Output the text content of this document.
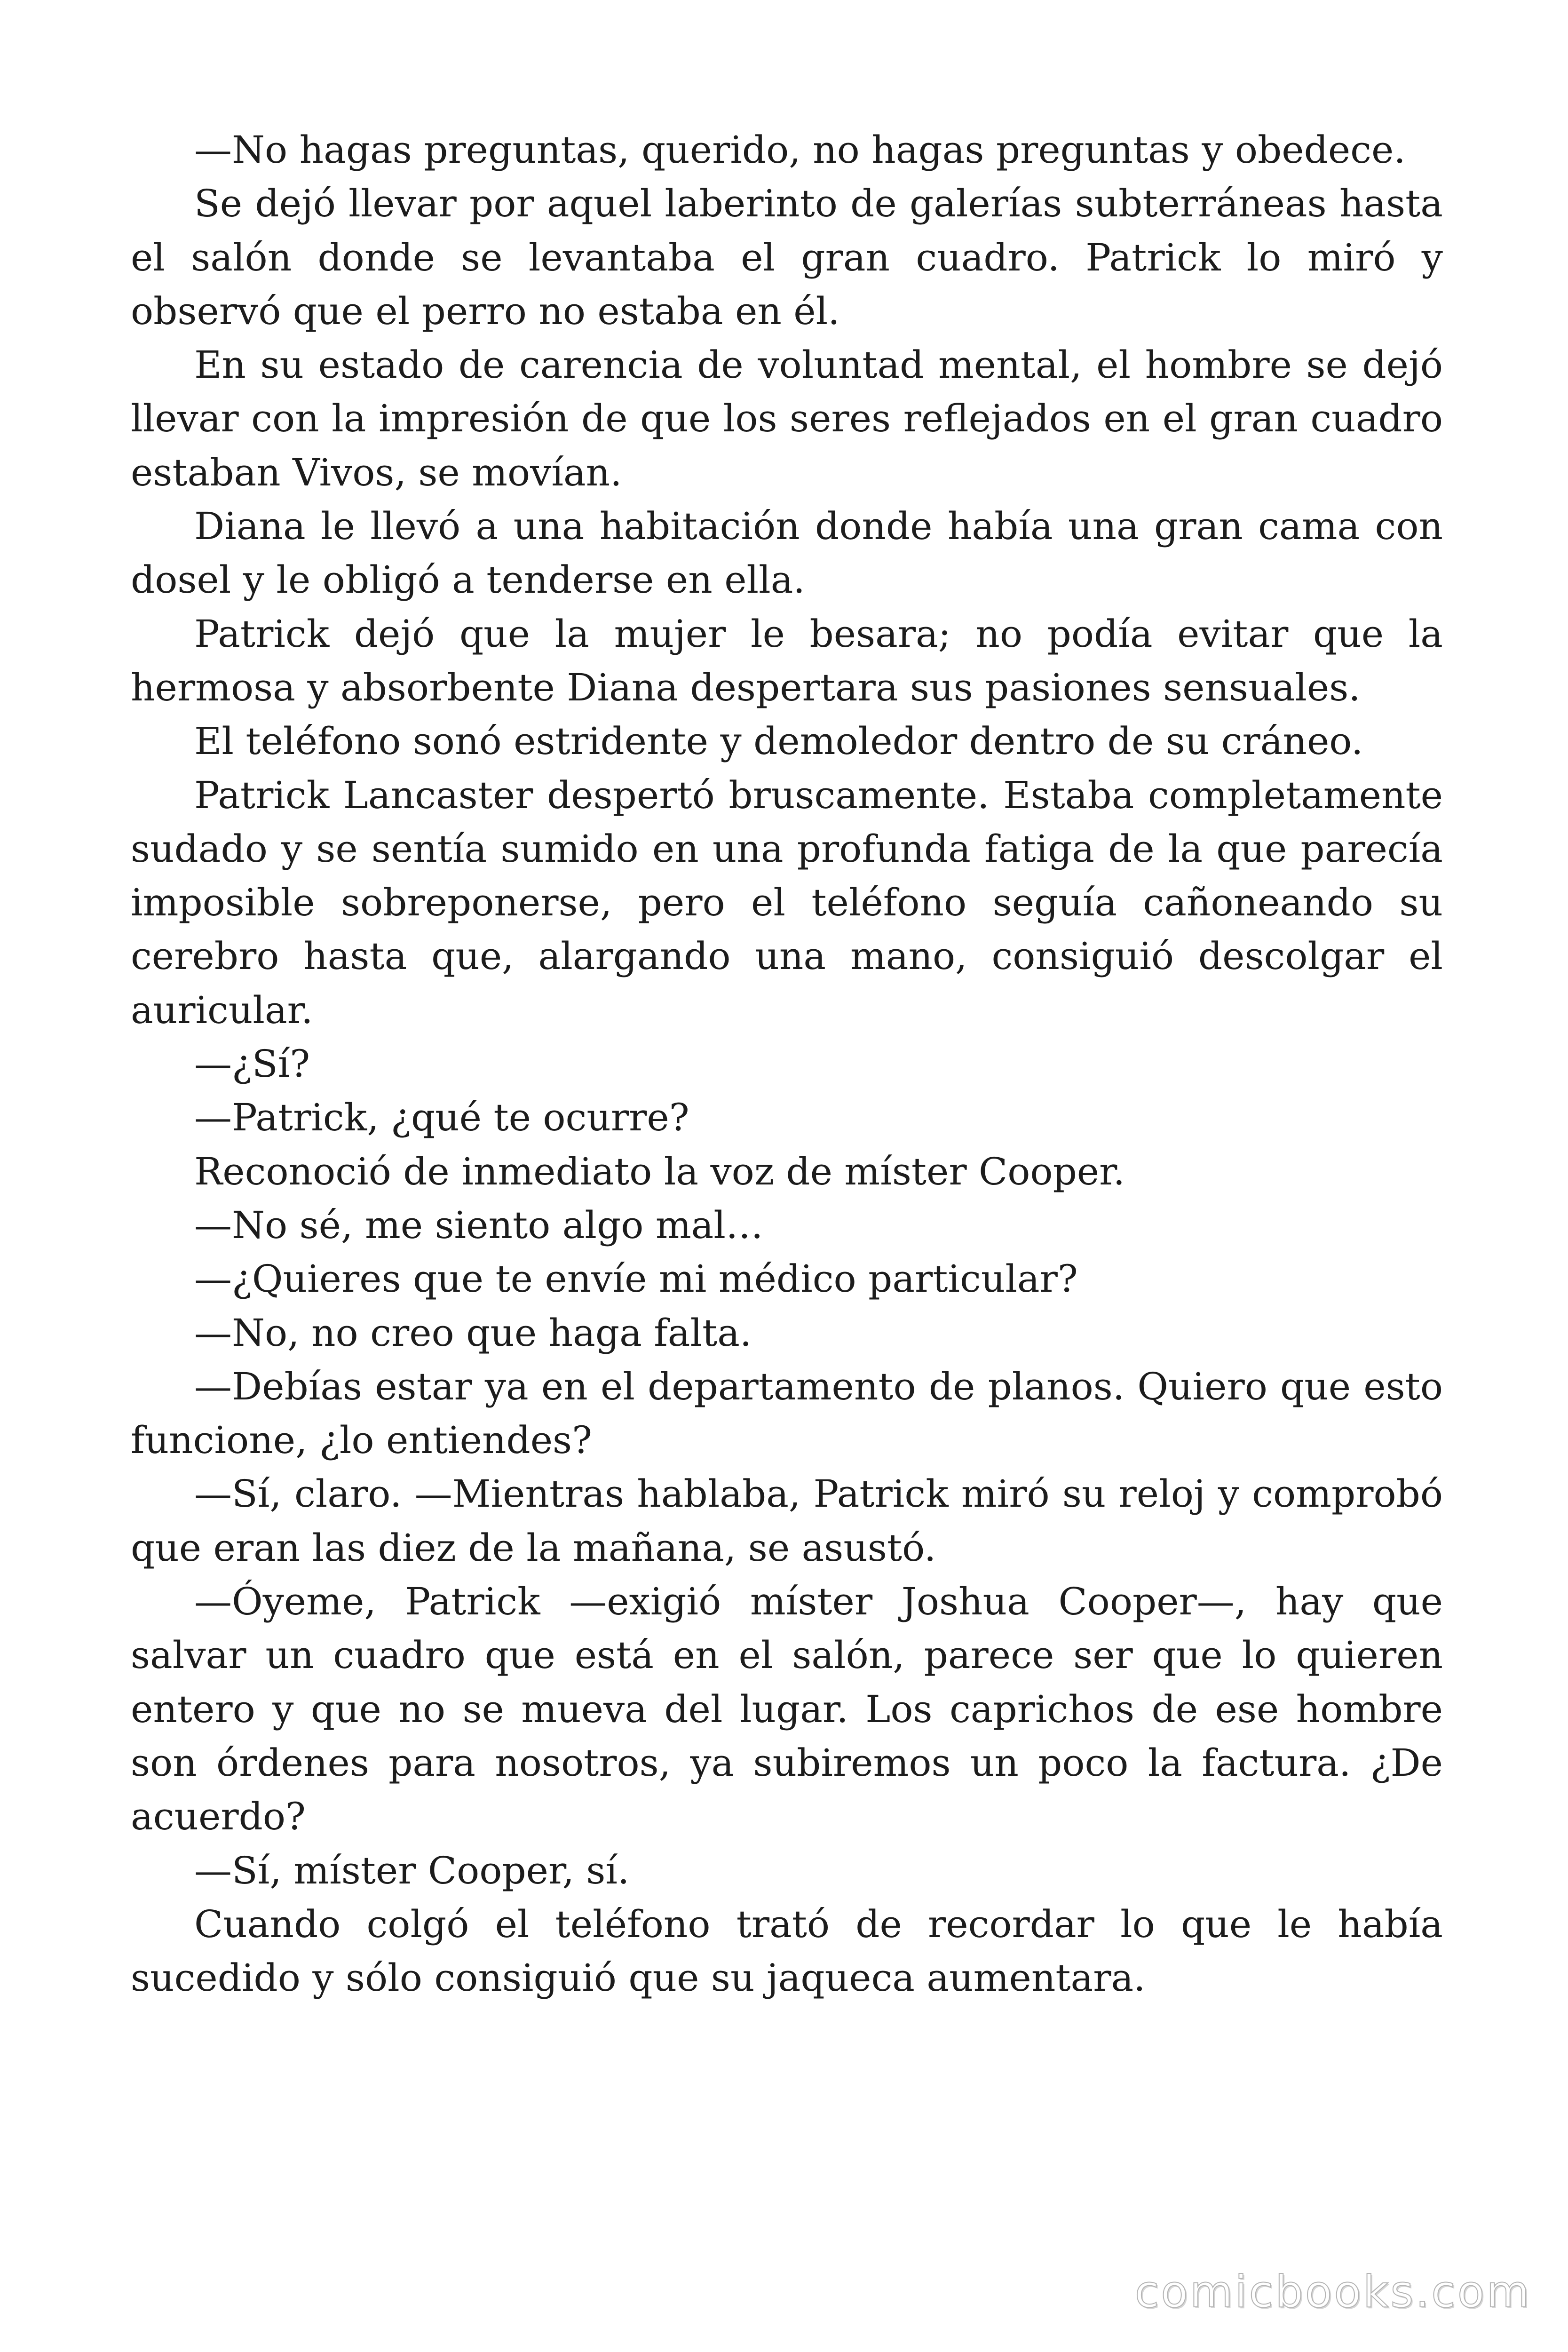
—No hagas preguntas, querido, no hagas preguntas y obedece.

Se dejó llevar por aquel laberinto de galerías subterráneas hasta el salón donde se levantaba el gran cuadro. Patrick lo miró y observó que el perro no estaba en él.

En su estado de carencia de voluntad mental, el hombre se dejó llevar con la impresión de que los seres reflejados en el gran cuadro estaban Vivos, se movían.

Diana le llevó a una habitación donde había una gran cama con dosel y le obligó a tenderse en ella.

Patrick dejó que la mujer le besara; no podía evitar que la hermosa y absorbente Diana despertara sus pasiones sensuales.

El teléfono sonó estridente y demoledor dentro de su cráneo.

Patrick Lancaster despertó bruscamente. Estaba completamente sudado y se sentía sumido en una profunda fatiga de la que parecía imposible sobreponerse, pero el teléfono seguía cañoneando su cerebro hasta que, alargando una mano, consiguió descolgar el auricular.

—¿Sí?

—Patrick, ¿qué te ocurre?

Reconoció de inmediato la voz de míster Cooper.

—No sé, me siento algo mal…

—¿Quieres que te envíe mi médico particular?

—No, no creo que haga falta.

—Debías estar ya en el departamento de planos. Quiero que esto funcione, ¿lo entiendes?

—Sí, claro. —Mientras hablaba, Patrick miró su reloj y comprobó que eran las diez de la mañana, se asustó.

—Óyeme, Patrick —exigió míster Joshua Cooper—, hay que salvar un cuadro que está en el salón, parece ser que lo quieren entero y que no se mueva del lugar. Los caprichos de ese hombre son órdenes para nosotros, ya subiremos un poco la factura. ¿De acuerdo?

—Sí, míster Cooper, sí.

Cuando colgó el teléfono trató de recordar lo que le había sucedido y sólo consiguió que su jaqueca aumentara.

comicbooks.com
